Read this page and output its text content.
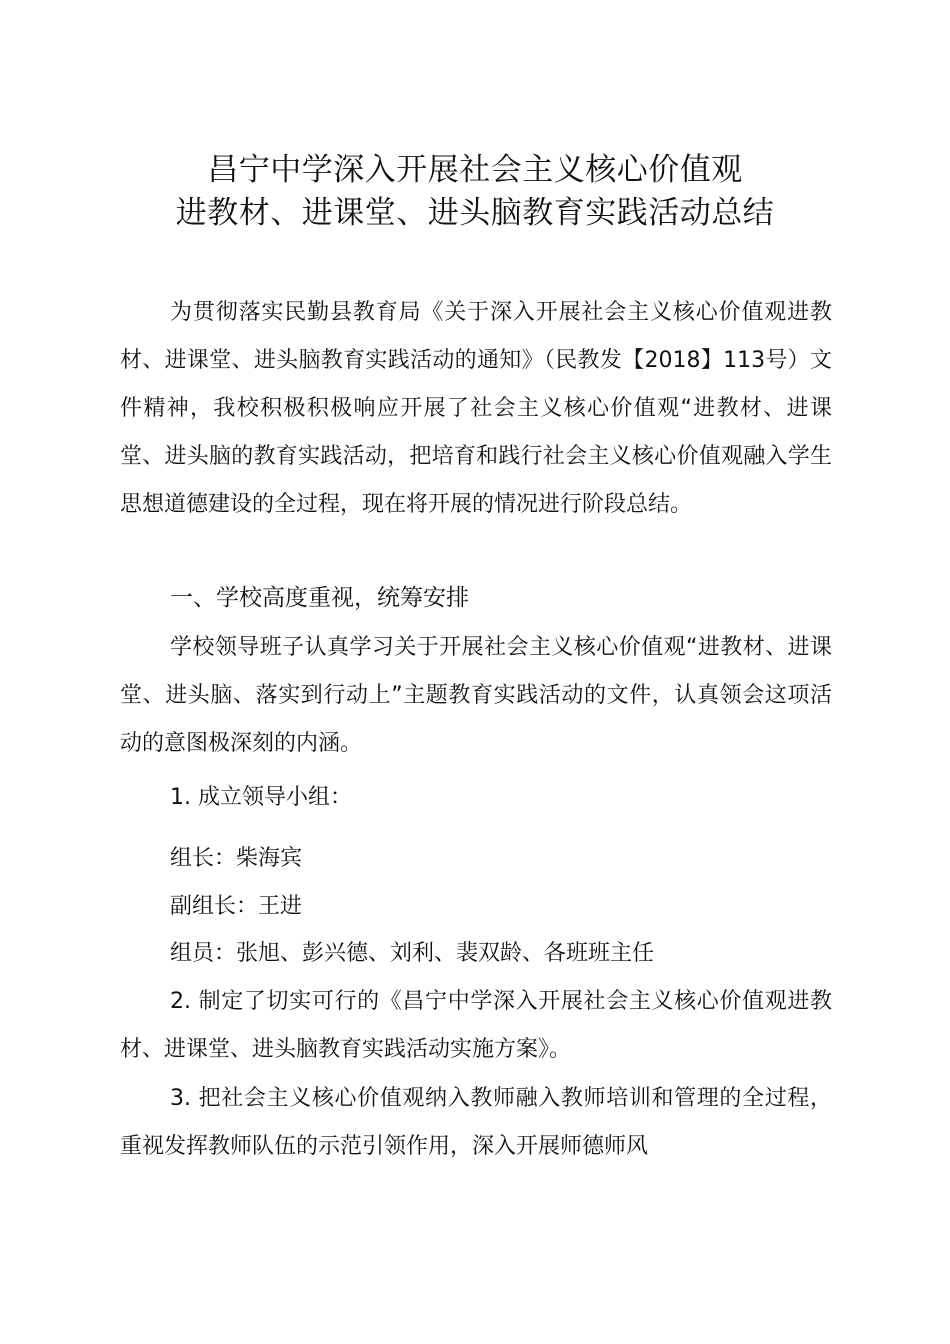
昌宁中学深入开展社会主义核心价值观
进教材、进课堂、进头脑教育实践活动总结

为贯彻落实民勤县教育局《关于深入开展社会主义核心价值观进教材、进课堂、进头脑教育实践活动的通知》（民教发【2018】113号）文件精神，我校积极积极响应开展了社会主义核心价值观“进教材、进课堂、进头脑的教育实践活动，把培育和践行社会主义核心价值观融入学生思想道德建设的全过程，现在将开展的情况进行阶段总结。

一、学校高度重视，统筹安排

学校领导班子认真学习关于开展社会主义核心价值观“进教材、进课堂、进头脑、落实到行动上”主题教育实践活动的文件，认真领会这项活动的意图极深刻的内涵。

1. 成立领导小组：
组长：柴海宾
副组长：王进
组员：张旭、彭兴德、刘利、裴双龄、各班班主任

2. 制定了切实可行的《昌宁中学深入开展社会主义核心价值观进教材、进课堂、进头脑教育实践活动实施方案》。

3. 把社会主义核心价值观纳入教师融入教师培训和管理的全过程，重视发挥教师队伍的示范引领作用，深入开展师德师风
